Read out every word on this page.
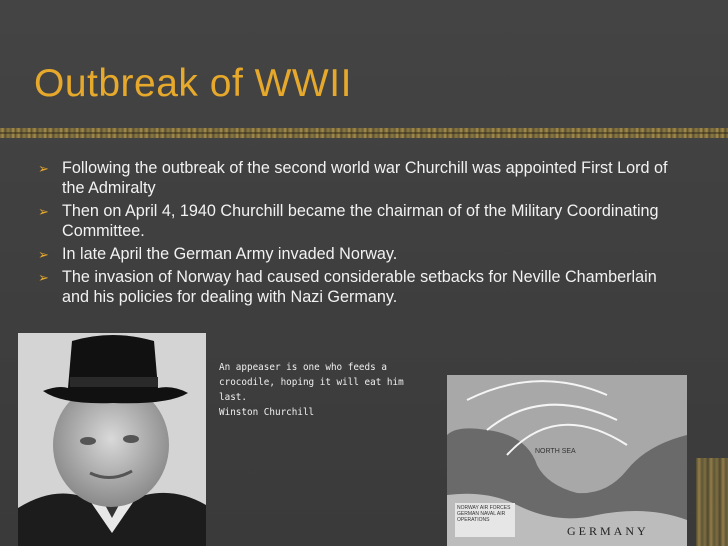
Outbreak of WWII
➢ Following the outbreak of the second world war Churchill was appointed First Lord of the Admiralty
➢ Then on April 4, 1940 Churchill became the chairman of of the Military Coordinating Committee.
➢ In late April the German Army invaded Norway.
➢ The invasion of Norway had caused considerable setbacks for Neville Chamberlain and his policies for dealing with Nazi Germany.

An appeaser is one who feeds a crocodile, hoping it will eat him last.

Winston Churchill
NORTH SEA
GERMANY
NORWAY AIR FORCES GERMAN NAVAL AIR OPERATIONS
